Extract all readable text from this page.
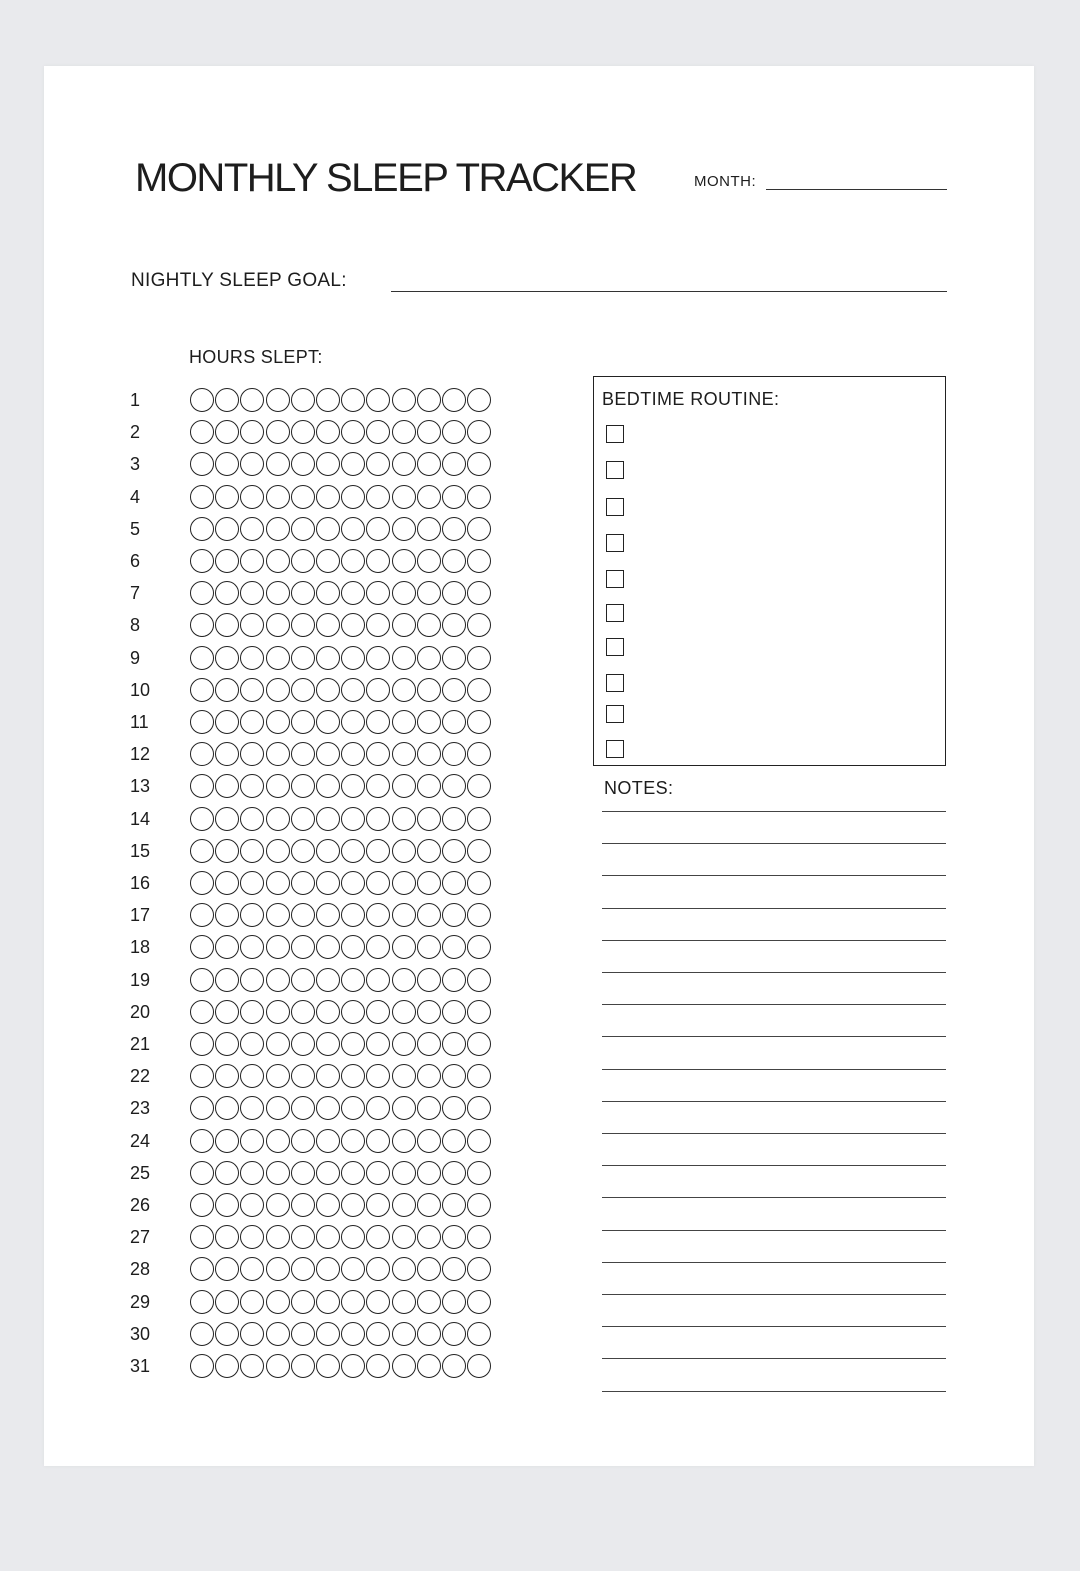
MONTHLY SLEEP TRACKER	MONTH:
NIGHTLY SLEEP GOAL:
HOURS SLEPT:
1
2
3
4
5
6
7
8
9
10
11
12
13
14
15
16
17
18
19
20
21
22
23
24
25
26
27
28
29
30
31
BEDTIME ROUTINE:
NOTES:
